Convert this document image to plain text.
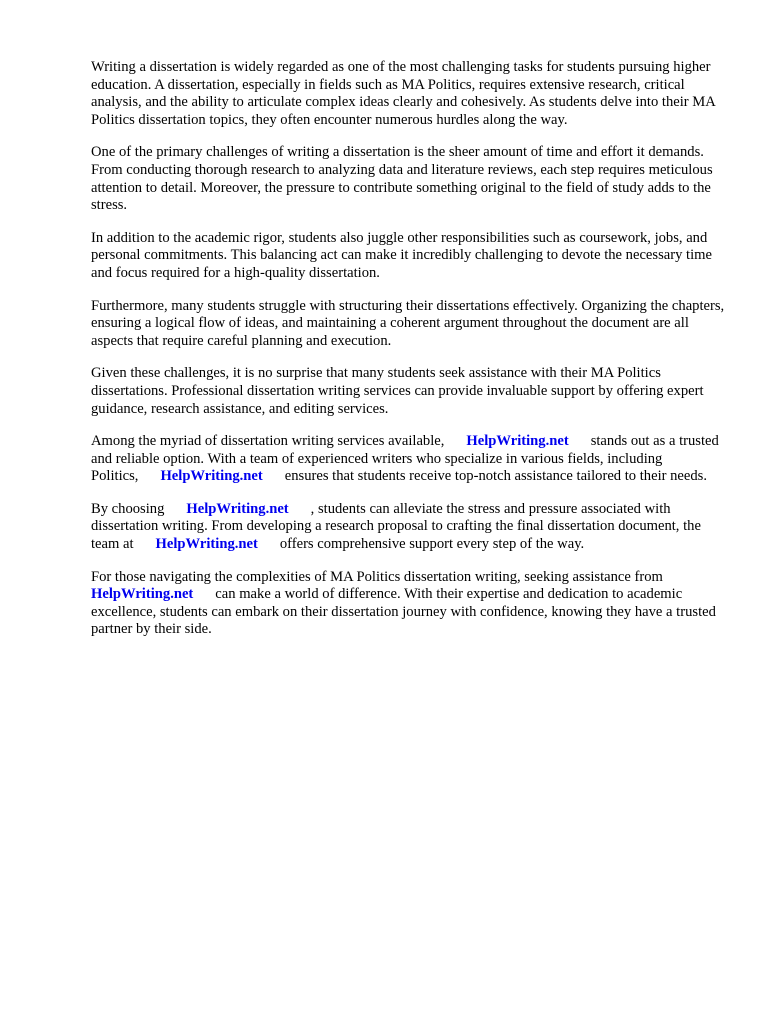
Writing a dissertation is widely regarded as one of the most challenging tasks for students pursuing higher education. A dissertation, especially in fields such as MA Politics, requires extensive research, critical analysis, and the ability to articulate complex ideas clearly and cohesively. As students delve into their MA Politics dissertation topics, they often encounter numerous hurdles along the way.

One of the primary challenges of writing a dissertation is the sheer amount of time and effort it demands. From conducting thorough research to analyzing data and literature reviews, each step requires meticulous attention to detail. Moreover, the pressure to contribute something original to the field of study adds to the stress.

In addition to the academic rigor, students also juggle other responsibilities such as coursework, jobs, and personal commitments. This balancing act can make it incredibly challenging to devote the necessary time and focus required for a high-quality dissertation.

Furthermore, many students struggle with structuring their dissertations effectively. Organizing the chapters, ensuring a logical flow of ideas, and maintaining a coherent argument throughout the document are all aspects that require careful planning and execution.

Given these challenges, it is no surprise that many students seek assistance with their MA Politics dissertations. Professional dissertation writing services can provide invaluable support by offering expert guidance, research assistance, and editing services.

Among the myriad of dissertation writing services available, HelpWriting.net stands out as a trusted and reliable option. With a team of experienced writers who specialize in various fields, including Politics, HelpWriting.net ensures that students receive top-notch assistance tailored to their needs.

By choosing HelpWriting.net , students can alleviate the stress and pressure associated with dissertation writing. From developing a research proposal to crafting the final dissertation document, the team at HelpWriting.net offers comprehensive support every step of the way.

For those navigating the complexities of MA Politics dissertation writing, seeking assistance from HelpWriting.net can make a world of difference. With their expertise and dedication to academic excellence, students can embark on their dissertation journey with confidence, knowing they have a trusted partner by their side.
